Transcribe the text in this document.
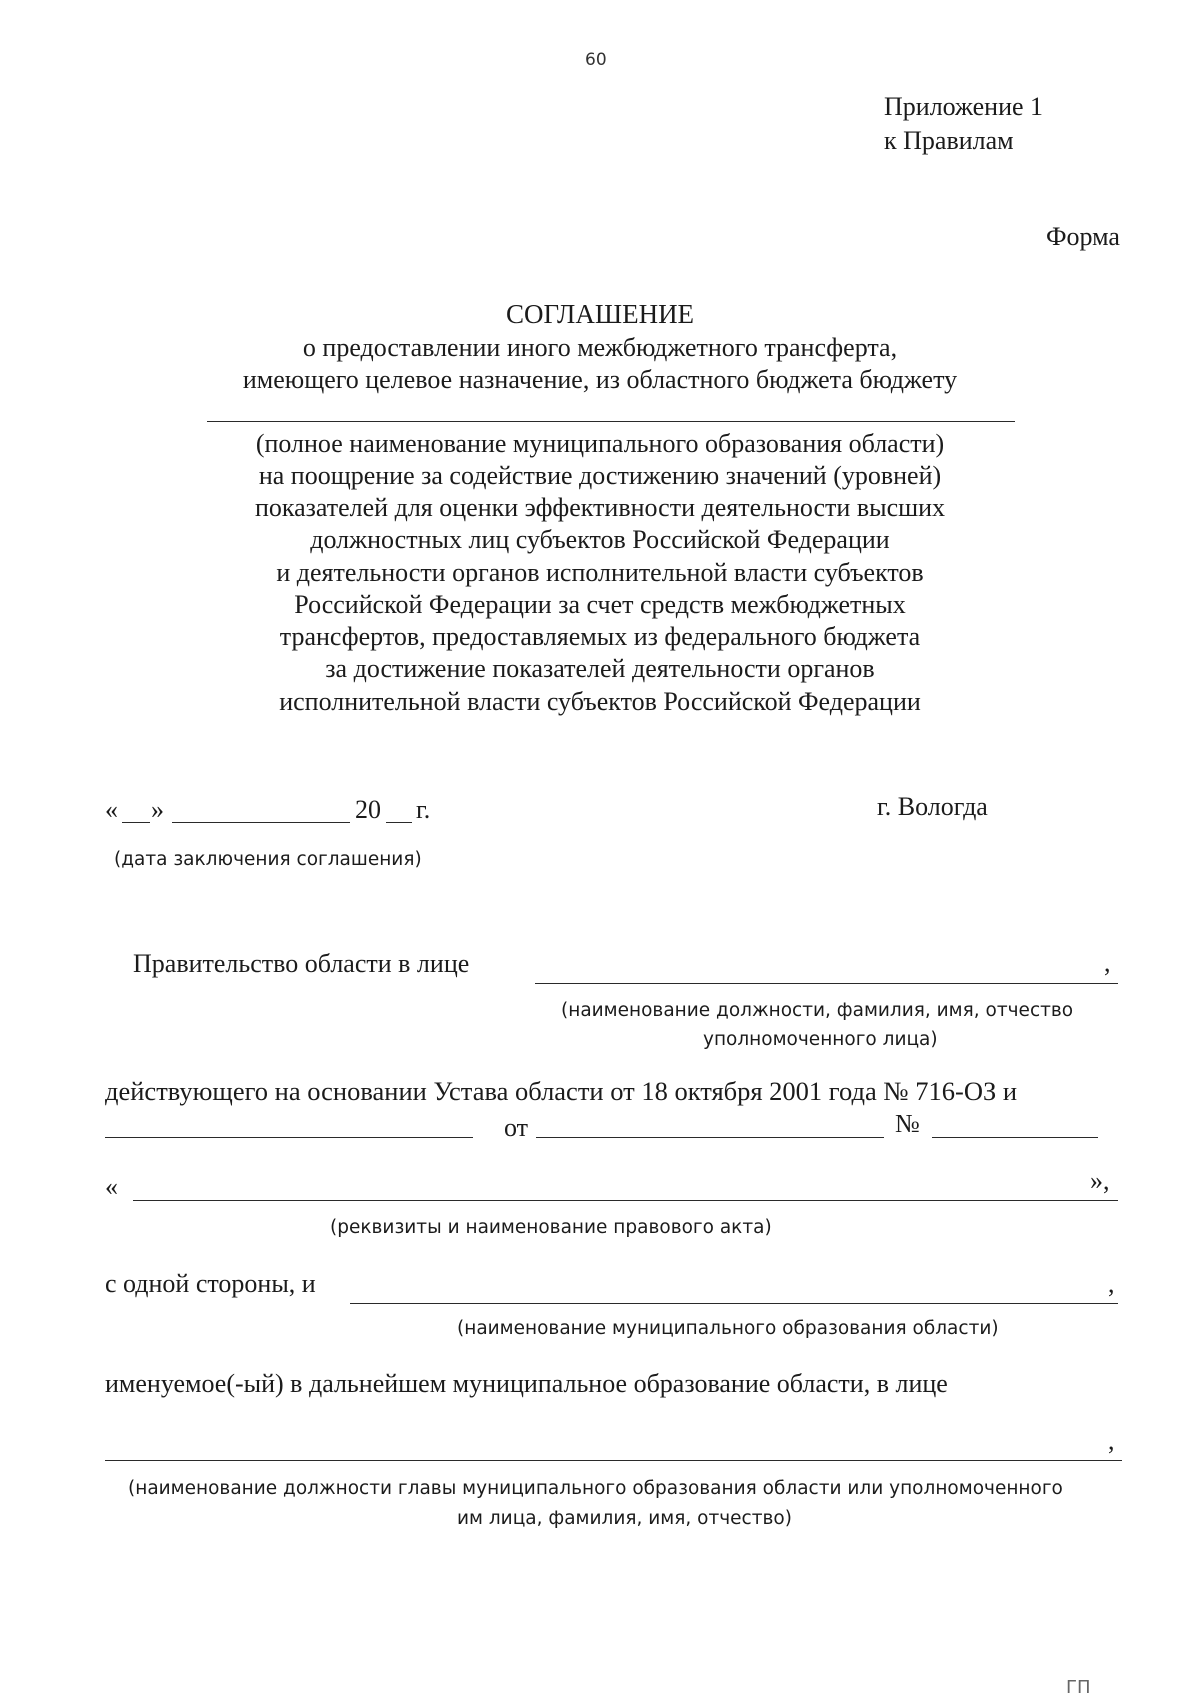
60
Приложение 1
к Правилам
Форма
СОГЛАШЕНИЕ
о предоставлении иного межбюджетного трансферта,
имеющего целевое назначение, из областного бюджета бюджету
(полное наименование муниципального образования области)
на поощрение за содействие достижению значений (уровней)
показателей для оценки эффективности деятельности высших
должностных лиц субъектов Российской Федерации
и деятельности органов исполнительной власти субъектов
Российской Федерации за счет средств межбюджетных
трансфертов, предоставляемых из федерального бюджета
за достижение показателей деятельности органов
исполнительной власти субъектов Российской Федерации
« »	20 г.	г. Вологда
(дата заключения соглашения)
Правительство области в лице	,
(наименование должности, фамилия, имя, отчество
уполномоченного лица)
действующего на основании Устава области от 18 октября 2001 года № 716-ОЗ и
от	№
«	»,
(реквизиты и наименование правового акта)
с одной стороны, и	,
(наименование муниципального образования области)
именуемое(-ый) в дальнейшем муниципальное образование области, в лице
,
(наименование должности главы муниципального образования области или уполномоченного
им лица, фамилия, имя, отчество)
ГП
